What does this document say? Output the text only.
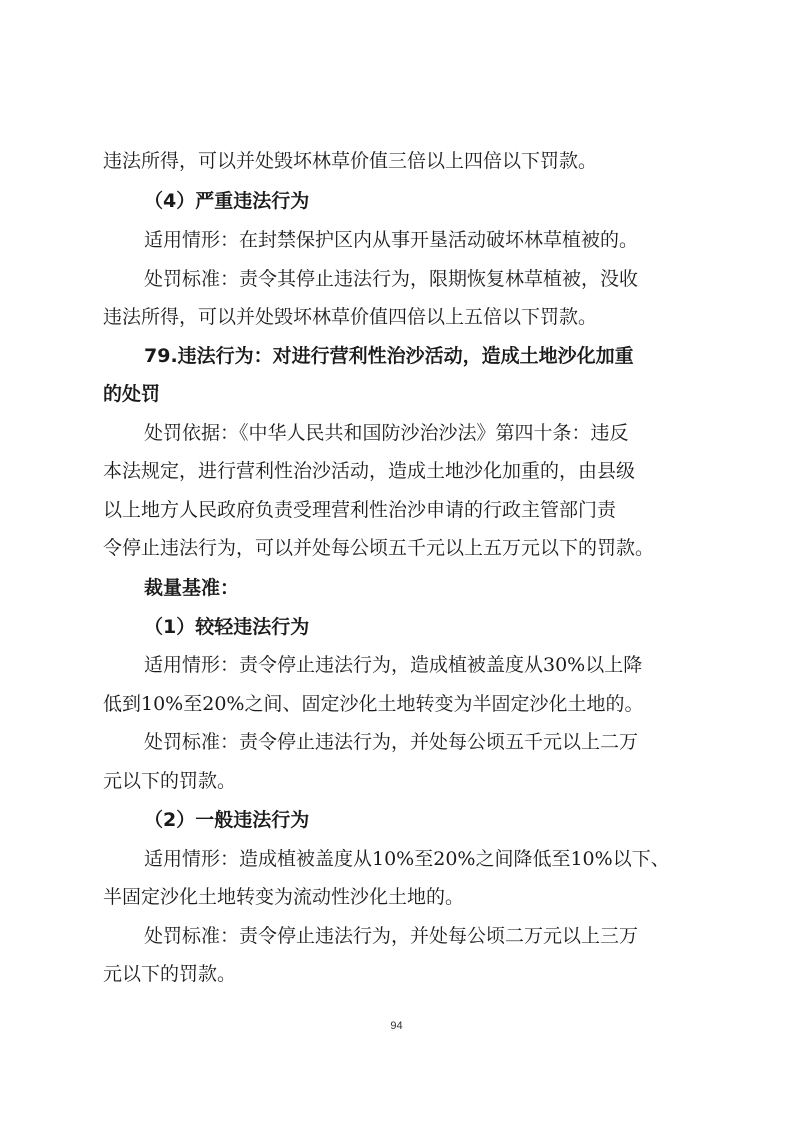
违法所得，可以并处毁坏林草价值三倍以上四倍以下罚款。
（4）严重违法行为
适用情形：在封禁保护区内从事开垦活动破坏林草植被的。
处罚标准：责令其停止违法行为，限期恢复林草植被，没收
违法所得，可以并处毁坏林草价值四倍以上五倍以下罚款。
79.违法行为：对进行营利性治沙活动，造成土地沙化加重
的处罚
处罚依据：《中华人民共和国防沙治沙法》第四十条：违反
本法规定，进行营利性治沙活动，造成土地沙化加重的，由县级
以上地方人民政府负责受理营利性治沙申请的行政主管部门责
令停止违法行为，可以并处每公顷五千元以上五万元以下的罚款。
裁量基准：
（1）较轻违法行为
适用情形：责令停止违法行为，造成植被盖度从30%以上降
低到10%至20%之间、固定沙化土地转变为半固定沙化土地的。
处罚标准：责令停止违法行为，并处每公顷五千元以上二万
元以下的罚款。
（2）一般违法行为
适用情形：造成植被盖度从10%至20%之间降低至10%以下、
半固定沙化土地转变为流动性沙化土地的。
处罚标准：责令停止违法行为，并处每公顷二万元以上三万
元以下的罚款。
94
